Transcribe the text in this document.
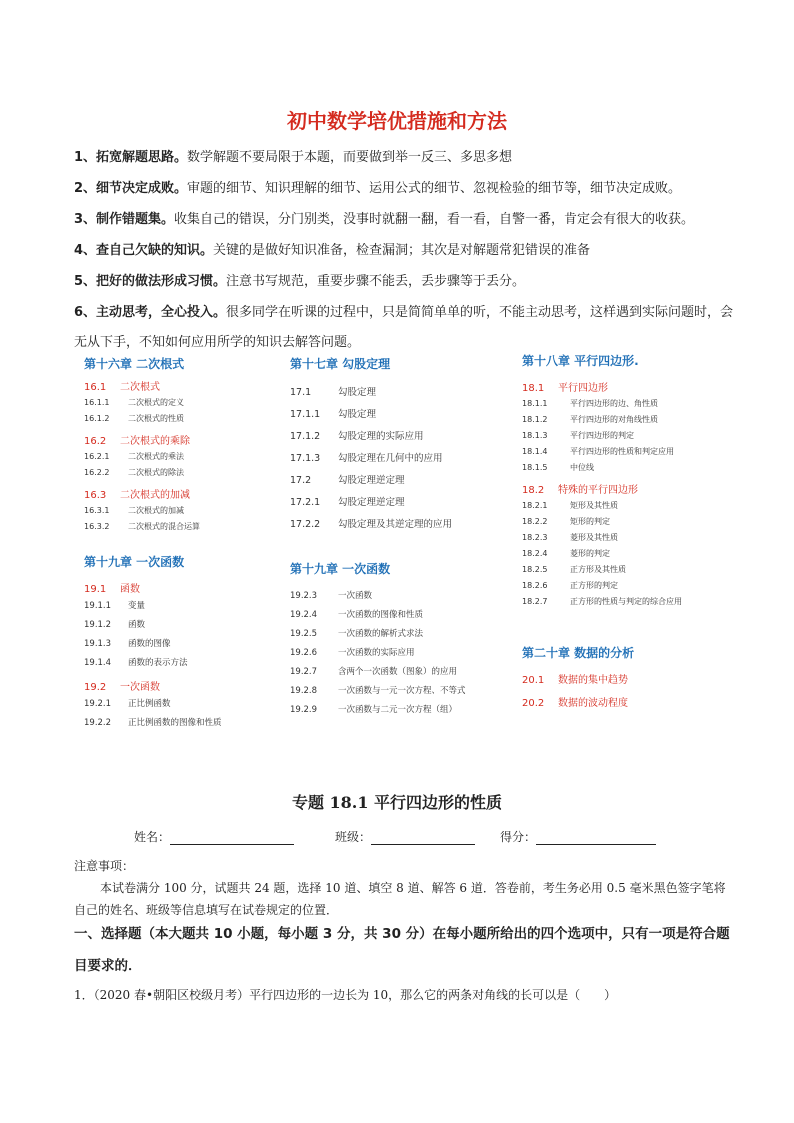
初中数学培优措施和方法
1、拓宽解题思路。数学解题不要局限于本题，而要做到举一反三、多思多想
2、细节决定成败。审题的细节、知识理解的细节、运用公式的细节、忽视检验的细节等，细节决定成败。
3、制作错题集。收集自己的错误，分门别类，没事时就翻一翻，看一看，自警一番，肯定会有很大的收获。
4、查自己欠缺的知识。关键的是做好知识准备，检查漏洞；其次是对解题常犯错误的准备
5、把好的做法形成习惯。注意书写规范，重要步骤不能丢，丢步骤等于丢分。
6、主动思考，全心投入。很多同学在听课的过程中，只是简简单单的听，不能主动思考，这样遇到实际问题时，会无从下手，不知如何应用所学的知识去解答问题。
第十六章 二次根式
16.1 二次根式
16.1.1 二次根式的定义
16.1.2 二次根式的性质
16.2 二次根式的乘除
16.2.1 二次根式的乘法
16.2.2 二次根式的除法
16.3 二次根式的加减
16.3.1 二次根式的加减
16.3.2 二次根式的混合运算
第十九章 一次函数
19.1 函数
19.1.1 变量
19.1.2 函数
19.1.3 函数的图像
19.1.4 函数的表示方法
19.2 一次函数
19.2.1 正比例函数
19.2.2 正比例函数的图像和性质
第十七章 勾股定理
17.1	勾股定理
17.1.1 勾股定理
17.1.2 勾股定理的实际应用
17.1.3 勾股定理在几何中的应用
17.2	勾股定理逆定理
17.2.1 勾股定理逆定理
17.2.2 勾股定理及其逆定理的应用
第十九章 一次函数
19.2.3 一次函数
19.2.4 一次函数的图像和性质
19.2.5 一次函数的解析式求法
19.2.6 一次函数的实际应用
19.2.7 含两个一次函数（图象）的应用
19.2.8 一次函数与一元一次方程、不等式
19.2.9 一次函数与二元一次方程（组）
第十八章 平行四边形.
18.1 平行四边形
18.1.1	平行四边形的边、角性质
18.1.2	平行四边形的对角线性质
18.1.3	平行四边形的判定
18.1.4	平行四边形的性质和判定应用
18.1.5	中位线
18.2 特殊的平行四边形
18.2.1	矩形及其性质
18.2.2	矩形的判定
18.2.3	菱形及其性质
18.2.4	菱形的判定
18.2.5	正方形及其性质
18.2.6	正方形的判定
18.2.7	正方形的性质与判定的综合应用
第二十章 数据的分析
20.1 数据的集中趋势
20.2 数据的波动程度
专题 18.1 平行四边形的性质
姓名：	班级：	得分：
注意事项：
本试卷满分 100 分，试题共 24 题，选择 10 道、填空 8 道、解答 6 道．答卷前，考生务必用 0.5 毫米黑色签字笔将自己的姓名、班级等信息填写在试卷规定的位置．
一、选择题（本大题共 10 小题，每小题 3 分，共 30 分）在每小题所给出的四个选项中，只有一项是符合题目要求的．
1．（2020 春•朝阳区校级月考）平行四边形的一边长为 10，那么它的两条对角线的长可以是（　　）
